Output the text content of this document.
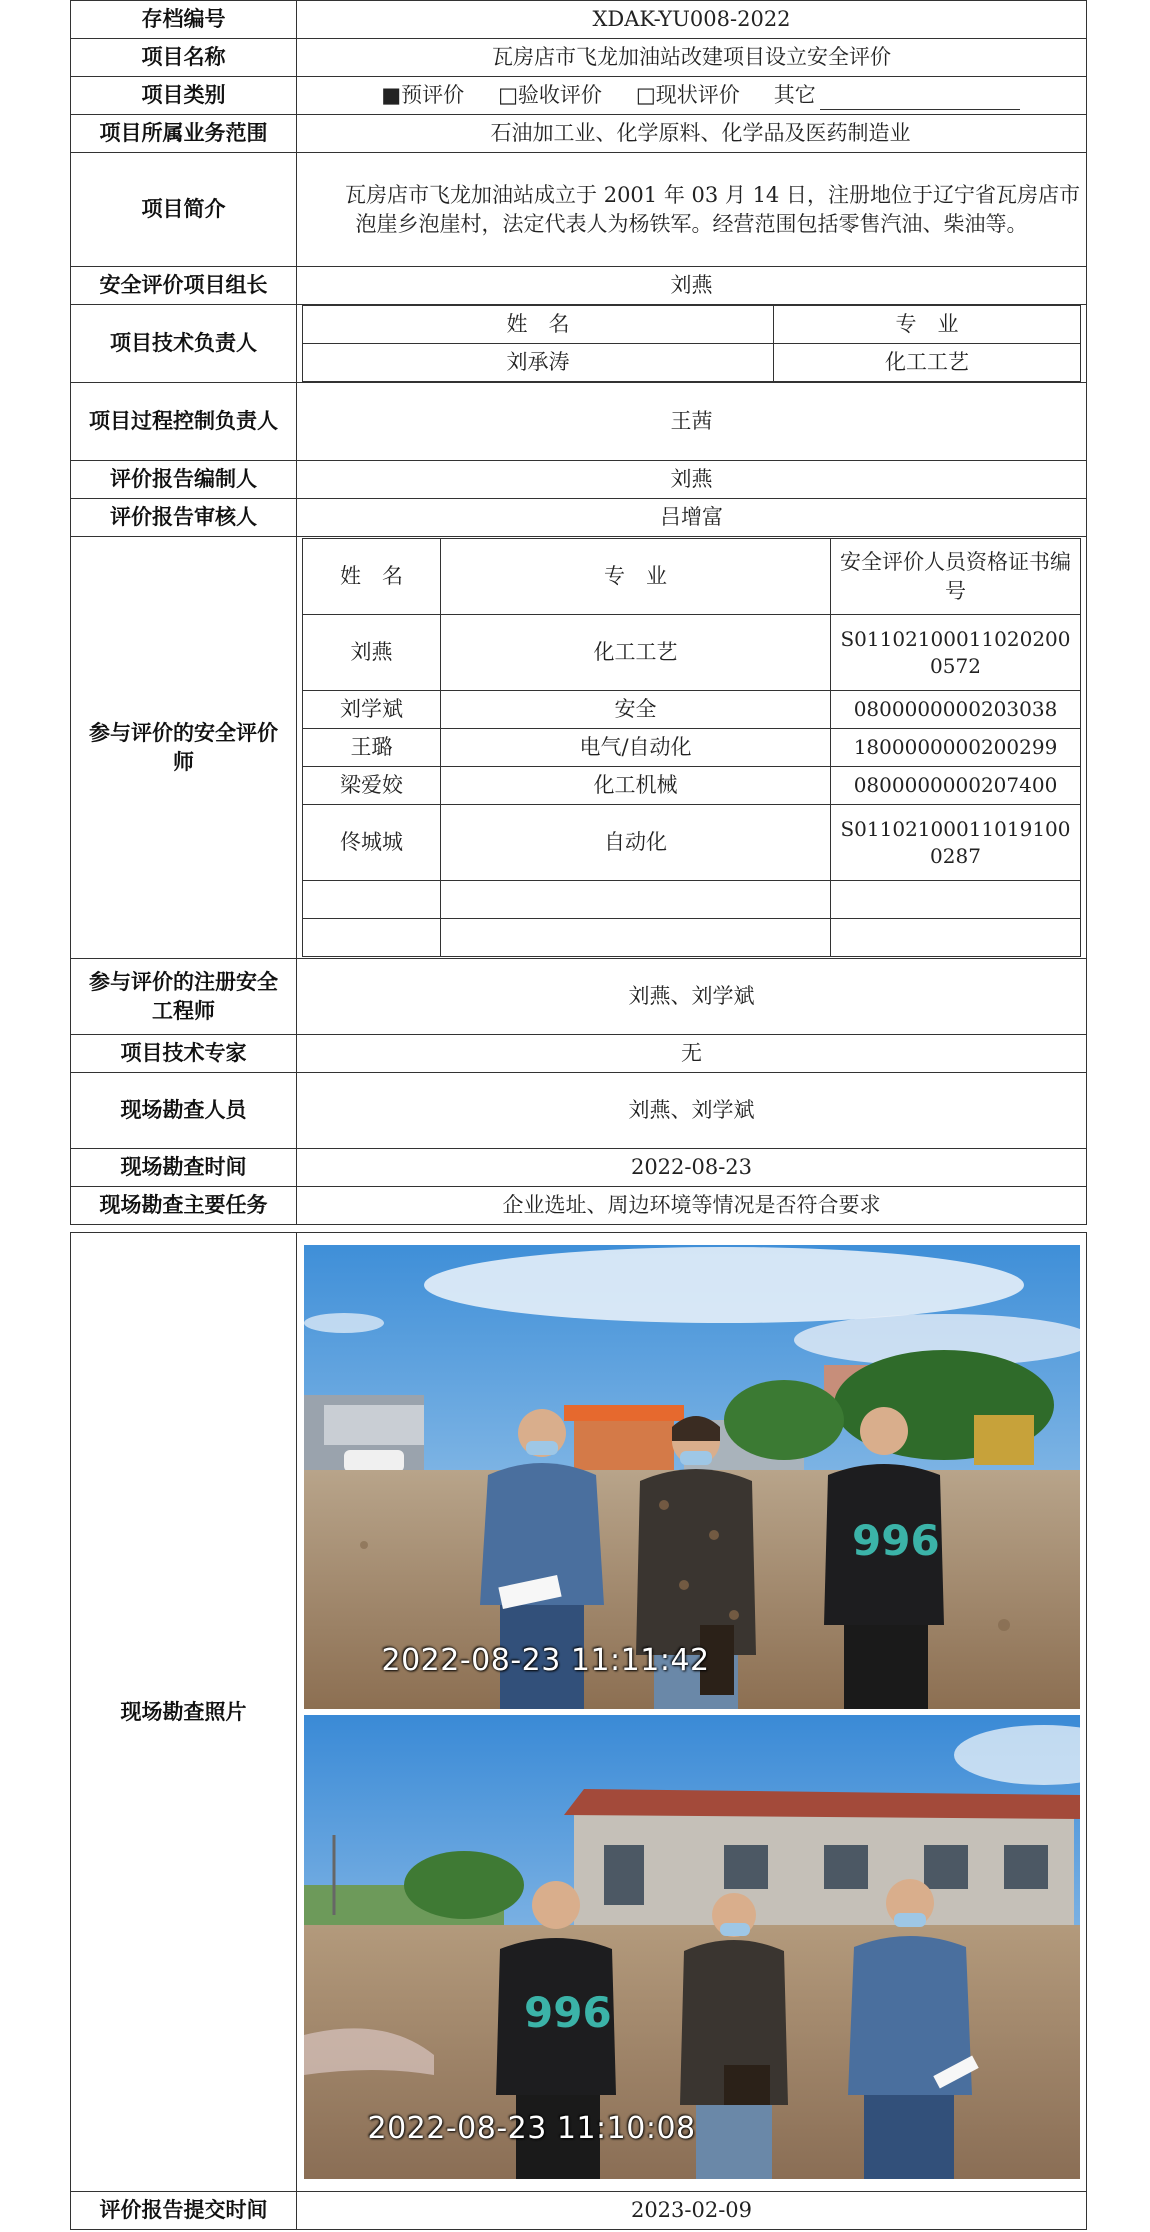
存档编号	XDAK-YU008-2022
项目名称	瓦房店市飞龙加油站改建项目设立安全评价
项目类别	■预评价 □验收评价 □现状评价 其它
项目所属业务范围	石油加工业、化学原料、化学品及医药制造业
项目简介	瓦房店市飞龙加油站成立于 2001 年 03 月 14 日，注册地位于辽宁省瓦房店市泡崖乡泡崖村，法定代表人为杨铁军。经营范围包括零售汽油、柴油等。
安全评价项目组长	刘燕
项目技术负责人	
姓　名	专　业
刘承涛	化工工艺

项目过程控制负责人	王茜
评价报告编制人	刘燕
评价报告审核人	吕增富
参与评价的安全评价师	
姓　名	专　业	安全评价人员资格证书编号
刘燕	化工工艺	S011021000110202000572
刘学斌	安全	0800000000203038
王璐	电气/自动化	1800000000200299
梁爱姣	化工机械	0800000000207400
佟城城	自动化	S011021000110191000287

参与评价的注册安全工程师	刘燕、刘学斌
项目技术专家	无
现场勘查人员	刘燕、刘学斌
现场勘查时间	2022-08-23
现场勘查主要任务	企业选址、周边环境等情况是否符合要求

现场勘查照片	
996
2022-08-23 11:11:42
996
2022-08-23 11:10:08

评价报告提交时间	2023-02-09
